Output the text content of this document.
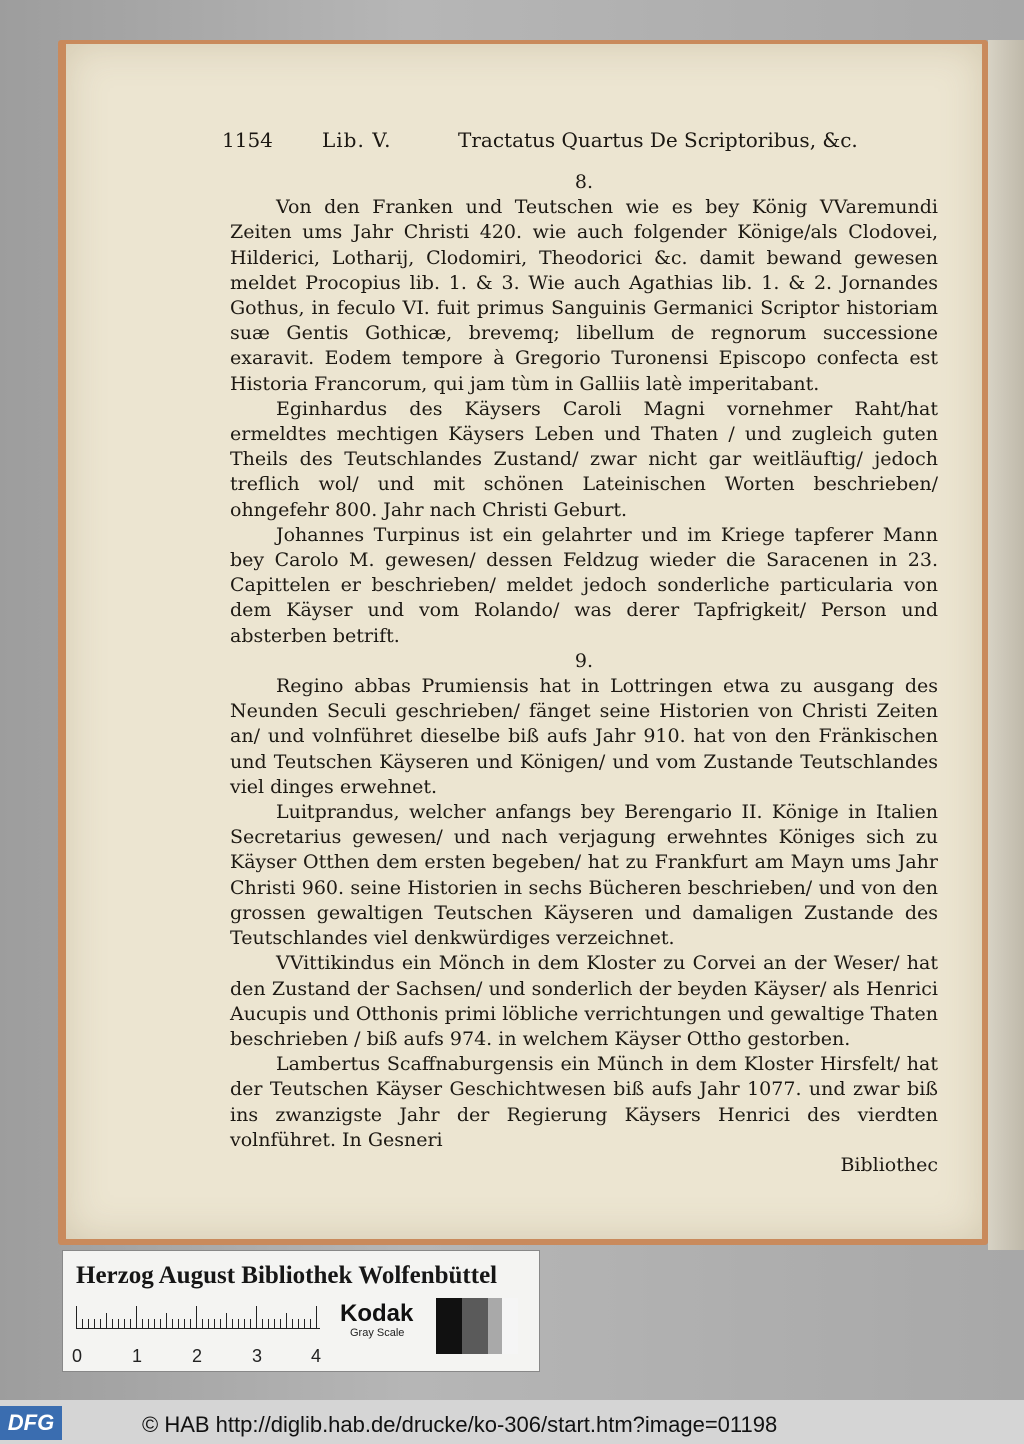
1154 Lib. V.	Tractatus Quartus De Scriptoribus, &c.

8.

Von den Franken und Teutschen wie es bey König VVaremundi Zeiten ums Jahr Christi 420. wie auch folgender Könige/als Clodovei, Hilderici, Lotharij, Clodomiri, Theodorici &c. damit bewand gewesen meldet Procopius lib. 1. & 3. Wie auch Agathias lib. 1. & 2. Jornandes Gothus, in feculo VI. fuit primus Sanguinis Germanici Scriptor historiam suæ Gentis Gothicæ, brevemq; libellum de regnorum successione exaravit. Eodem tempore à Gregorio Turonensi Episcopo confecta est Historia Francorum, qui jam tùm in Galliis latè imperitabant.

Eginhardus des Käysers Caroli Magni vornehmer Raht/hat ermeldtes mechtigen Käysers Leben und Thaten / und zugleich guten Theils des Teutschlandes Zustand/ zwar nicht gar weitläuftig/ jedoch treflich wol/ und mit schönen Lateinischen Worten beschrieben/ ohngefehr 800. Jahr nach Christi Geburt.

Johannes Turpinus ist ein gelahrter und im Kriege tapferer Mann bey Carolo M. gewesen/ dessen Feldzug wieder die Saracenen in 23. Capittelen er beschrieben/ meldet jedoch sonderliche particularia von dem Käyser und vom Rolando/ was derer Tapfrigkeit/ Person und absterben betrift.

9.

Regino abbas Prumiensis hat in Lottringen etwa zu ausgang des Neunden Seculi geschrieben/ fänget seine Historien von Christi Zeiten an/ und volnführet dieselbe biß aufs Jahr 910. hat von den Fränkischen und Teutschen Käyseren und Königen/ und vom Zustande Teutschlandes viel dinges erwehnet.

Luitprandus, welcher anfangs bey Berengario II. Könige in Italien Secretarius gewesen/ und nach verjagung erwehntes Königes sich zu Käyser Otthen dem ersten begeben/ hat zu Frankfurt am Mayn ums Jahr Christi 960. seine Historien in sechs Bücheren beschrieben/ und von den grossen gewaltigen Teutschen Käyseren und damaligen Zustande des Teutschlandes viel denkwürdiges verzeichnet.

VVittikindus ein Mönch in dem Kloster zu Corvei an der Weser/ hat den Zustand der Sachsen/ und sonderlich der beyden Käyser/ als Henrici Aucupis und Otthonis primi löbliche verrichtungen und gewaltige Thaten beschrieben / biß aufs 974. in welchem Käyser Ottho gestorben.

Lambertus Scaffnaburgensis ein Münch in dem Kloster Hirsfelt/ hat der Teutschen Käyser Geschichtwesen biß aufs Jahr 1077. und zwar biß ins zwanzigste Jahr der Regierung Käysers Henrici des vierdten volnführet. In Gesneri

Bibliothec

Herzog August Bibliothek Wolfenbüttel
0	1	2	3	4
Kodak
Gray Scale
DFG	© HAB http://diglib.hab.de/drucke/ko-306/start.htm?image=01198
